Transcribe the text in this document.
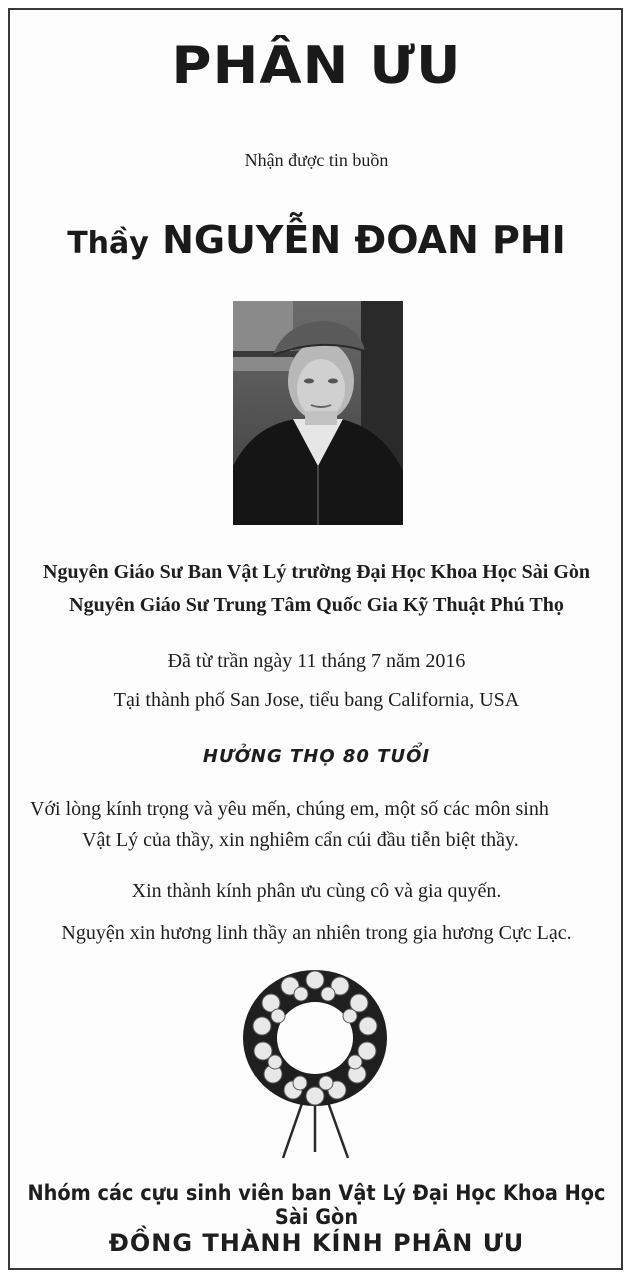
PHÂN ƯU
Nhận được tin buồn
Thầy NGUYỄN ĐOAN PHI
Nguyên Giáo Sư Ban Vật Lý trường Đại Học Khoa Học Sài Gòn
Nguyên Giáo Sư Trung Tâm Quốc Gia Kỹ Thuật Phú Thọ
Đã từ trần ngày 11 tháng 7 năm 2016
Tại thành phố San Jose, tiểu bang California, USA
HƯỞNG THỌ 80 TUỔI
Với lòng kính trọng và yêu mến, chúng em, một số các môn sinh
Vật Lý của thầy, xin nghiêm cẩn cúi đầu tiễn biệt thầy.
Xin thành kính phân ưu cùng cô và gia quyến.
Nguyện xin hương linh thầy an nhiên trong gia hương Cực Lạc.
Nhóm các cựu sinh viên ban Vật Lý Đại Học Khoa Học Sài Gòn
ĐỒNG THÀNH KÍNH PHÂN ƯU
